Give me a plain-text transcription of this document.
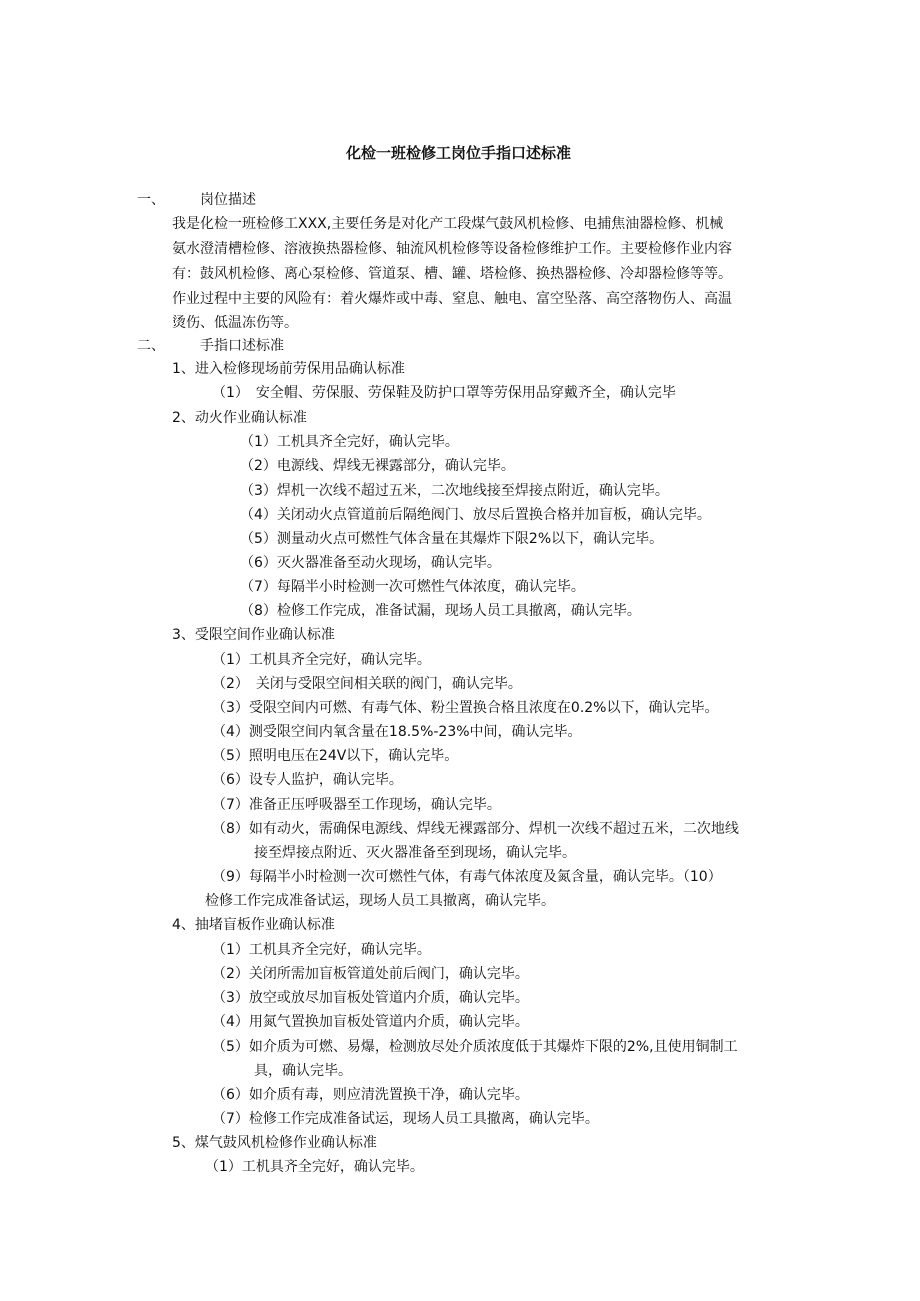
化检一班检修工岗位手指口述标准
一、	岗位描述
我是化检一班检修工XXX,主要任务是对化产工段煤气鼓风机检修、电捕焦油器检修、机械
氨水澄清槽检修、溶液换热器检修、轴流风机检修等设备检修维护工作。主要检修作业内容
有：鼓风机检修、离心泵检修、管道泵、槽、罐、塔检修、换热器检修、冷却器检修等等。
作业过程中主要的风险有：着火爆炸或中毒、窒息、触电、富空坠落、高空落物伤人、高温
烫伤、低温冻伤等。
二、	手指口述标准
1、进入检修现场前劳保用品确认标准
（1）　安全帽、劳保服、劳保鞋及防护口罩等劳保用品穿戴齐全，确认完毕
2、动火作业确认标准
（1）工机具齐全完好，确认完毕。
（2）电源线、焊线无裸露部分，确认完毕。
（3）焊机一次线不超过五米，二次地线接至焊接点附近，确认完毕。
（4）关闭动火点管道前后隔绝阀门、放尽后置换合格并加盲板，确认完毕。
（5）测量动火点可燃性气体含量在其爆炸下限2%以下，确认完毕。
（6）灭火器准备至动火现场，确认完毕。
（7）每隔半小时检测一次可燃性气体浓度，确认完毕。
（8）检修工作完成，准备试漏，现场人员工具撤离，确认完毕。
3、受限空间作业确认标准
（1）工机具齐全完好，确认完毕。
（2）　关闭与受限空间相关联的阀门，确认完毕。
（3）受限空间内可燃、有毒气体、粉尘置换合格且浓度在0.2%以下，确认完毕。
（4）测受限空间内氧含量在18.5%-23%中间，确认完毕。
（5）照明电压在24V以下，确认完毕。
（6）设专人监护，确认完毕。
（7）准备正压呼吸器至工作现场，确认完毕。
（8）如有动火，需确保电源线、焊线无裸露部分、焊机一次线不超过五米，二次地线
接至焊接点附近、灭火器准备至到现场，确认完毕。
（9）每隔半小时检测一次可燃性气体，有毒气体浓度及氮含量，确认完毕。（10）
检修工作完成准备试运，现场人员工具撤离，确认完毕。
4、抽堵盲板作业确认标准
（1）工机具齐全完好，确认完毕。
（2）关闭所需加盲板管道处前后阀门，确认完毕。
（3）放空或放尽加盲板处管道内介质，确认完毕。
（4）用氮气置换加盲板处管道内介质，确认完毕。
（5）如介质为可燃、易爆，检测放尽处介质浓度低于其爆炸下限的2%,且使用铜制工
具，确认完毕。
（6）如介质有毒，则应清洗置换干净，确认完毕。
（7）检修工作完成准备试运，现场人员工具撤离，确认完毕。
5、煤气鼓风机检修作业确认标准
（1）工机具齐全完好，确认完毕。
